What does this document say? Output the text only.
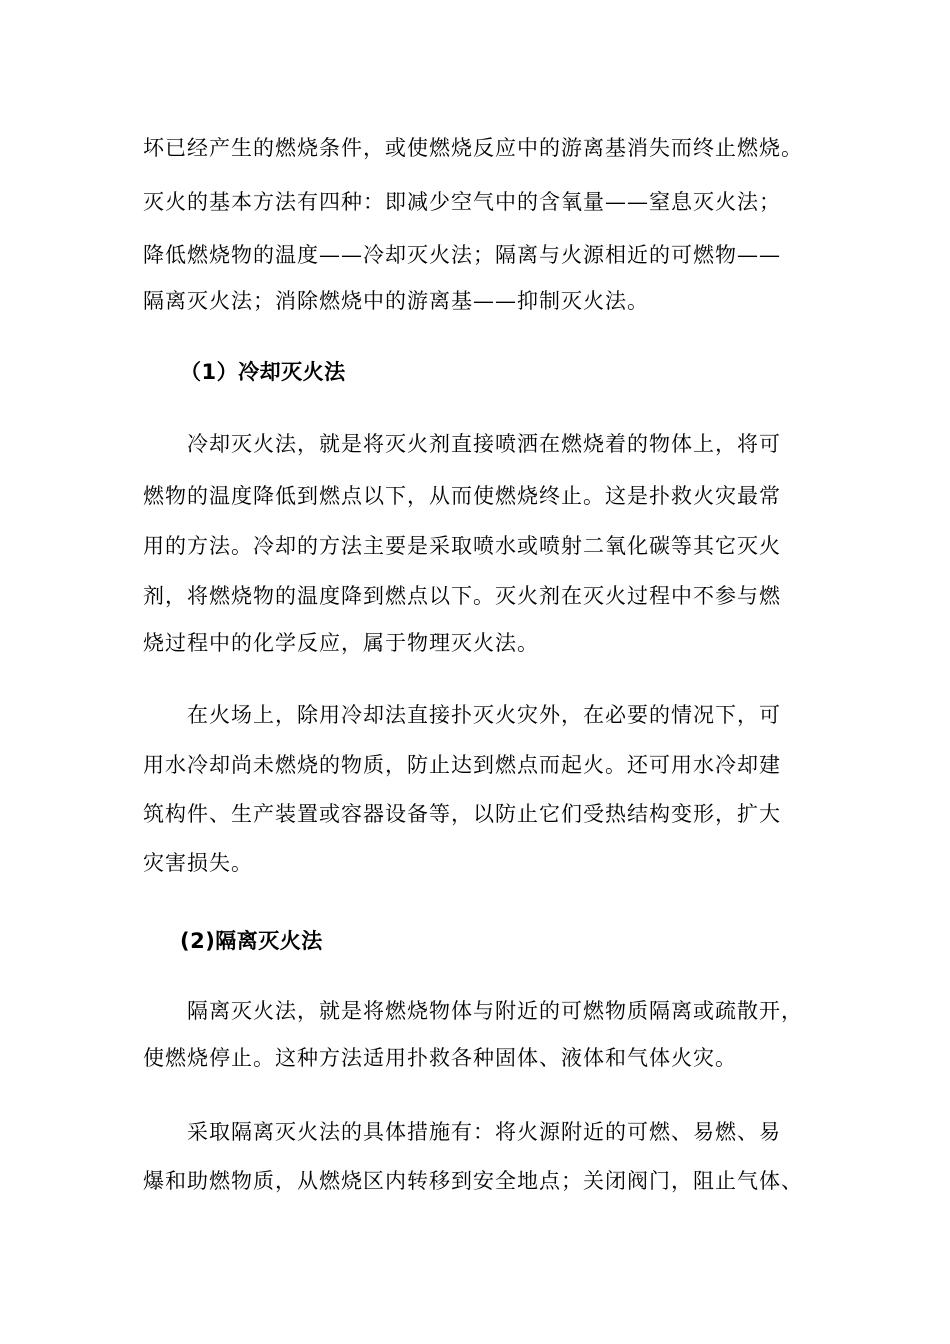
坏已经产生的燃烧条件，或使燃烧反应中的游离基消失而终止燃烧。
灭火的基本方法有四种：即减少空气中的含氧量——窒息灭火法；
降低燃烧物的温度——冷却灭火法；隔离与火源相近的可燃物——
隔离灭火法；消除燃烧中的游离基——抑制灭火法。
（1）冷却灭火法
冷却灭火法，就是将灭火剂直接喷洒在燃烧着的物体上，将可
燃物的温度降低到燃点以下，从而使燃烧终止。这是扑救火灾最常
用的方法。冷却的方法主要是采取喷水或喷射二氧化碳等其它灭火
剂，将燃烧物的温度降到燃点以下。灭火剂在灭火过程中不参与燃
烧过程中的化学反应，属于物理灭火法。
在火场上，除用冷却法直接扑灭火灾外，在必要的情况下，可
用水冷却尚未燃烧的物质，防止达到燃点而起火。还可用水冷却建
筑构件、生产装置或容器设备等，以防止它们受热结构变形，扩大
灾害损失。
(2)隔离灭火法
隔离灭火法，就是将燃烧物体与附近的可燃物质隔离或疏散开，
使燃烧停止。这种方法适用扑救各种固体、液体和气体火灾。
采取隔离灭火法的具体措施有：将火源附近的可燃、易燃、易
爆和助燃物质，从燃烧区内转移到安全地点；关闭阀门，阻止气体、
